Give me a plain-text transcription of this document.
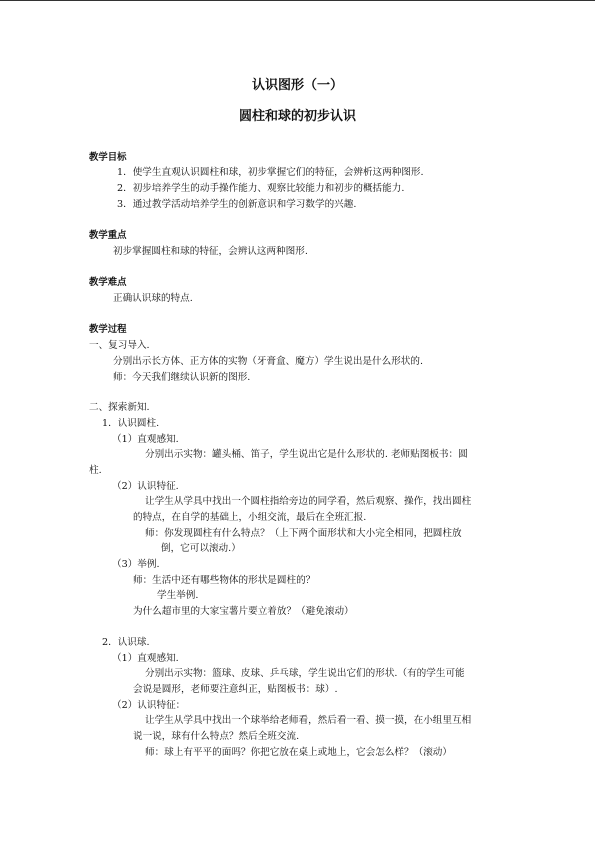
认识图形（一）
圆柱和球的初步认识
教学目标
1．使学生直观认识圆柱和球，初步掌握它们的特征，会辨析这两种图形.
2．初步培养学生的动手操作能力、观察比较能力和初步的概括能力.
3．通过教学活动培养学生的创新意识和学习数学的兴趣.
教学重点
初步掌握圆柱和球的特征，会辨认这两种图形.
教学难点
正确认识球的特点.
教学过程
一、复习导入.
分别出示长方体、正方体的实物（牙膏盒、魔方）学生说出是什么形状的.
师：今天我们继续认识新的图形.
二、探索新知.
1．认识圆柱.
（1）直观感知.
分别出示实物：罐头桶、笛子，学生说出它是什么形状的. 老师贴图板书：圆
柱.
（2）认识特征.
让学生从学具中找出一个圆柱指给旁边的同学看，然后观察、操作，找出圆柱
的特点，在自学的基础上，小组交流，最后在全班汇报.
师：你发现圆柱有什么特点？（上下两个面形状和大小完全相同，把圆柱放
倒，它可以滚动.）
（3）举例.
师：生活中还有哪些物体的形状是圆柱的？
学生举例.
为什么超市里的大家宝薯片要立着放？（避免滚动）
2．认识球.
（1）直观感知.
分别出示实物：篮球、皮球、乒乓球，学生说出它们的形状.（有的学生可能
会说是圆形，老师要注意纠正，贴图板书：球）.
（2）认识特征：
让学生从学具中找出一个球举给老师看，然后看一看、摸一摸，在小组里互相
说一说，球有什么特点？然后全班交流.
师：球上有平平的面吗？你把它放在桌上或地上，它会怎么样？（滚动）
